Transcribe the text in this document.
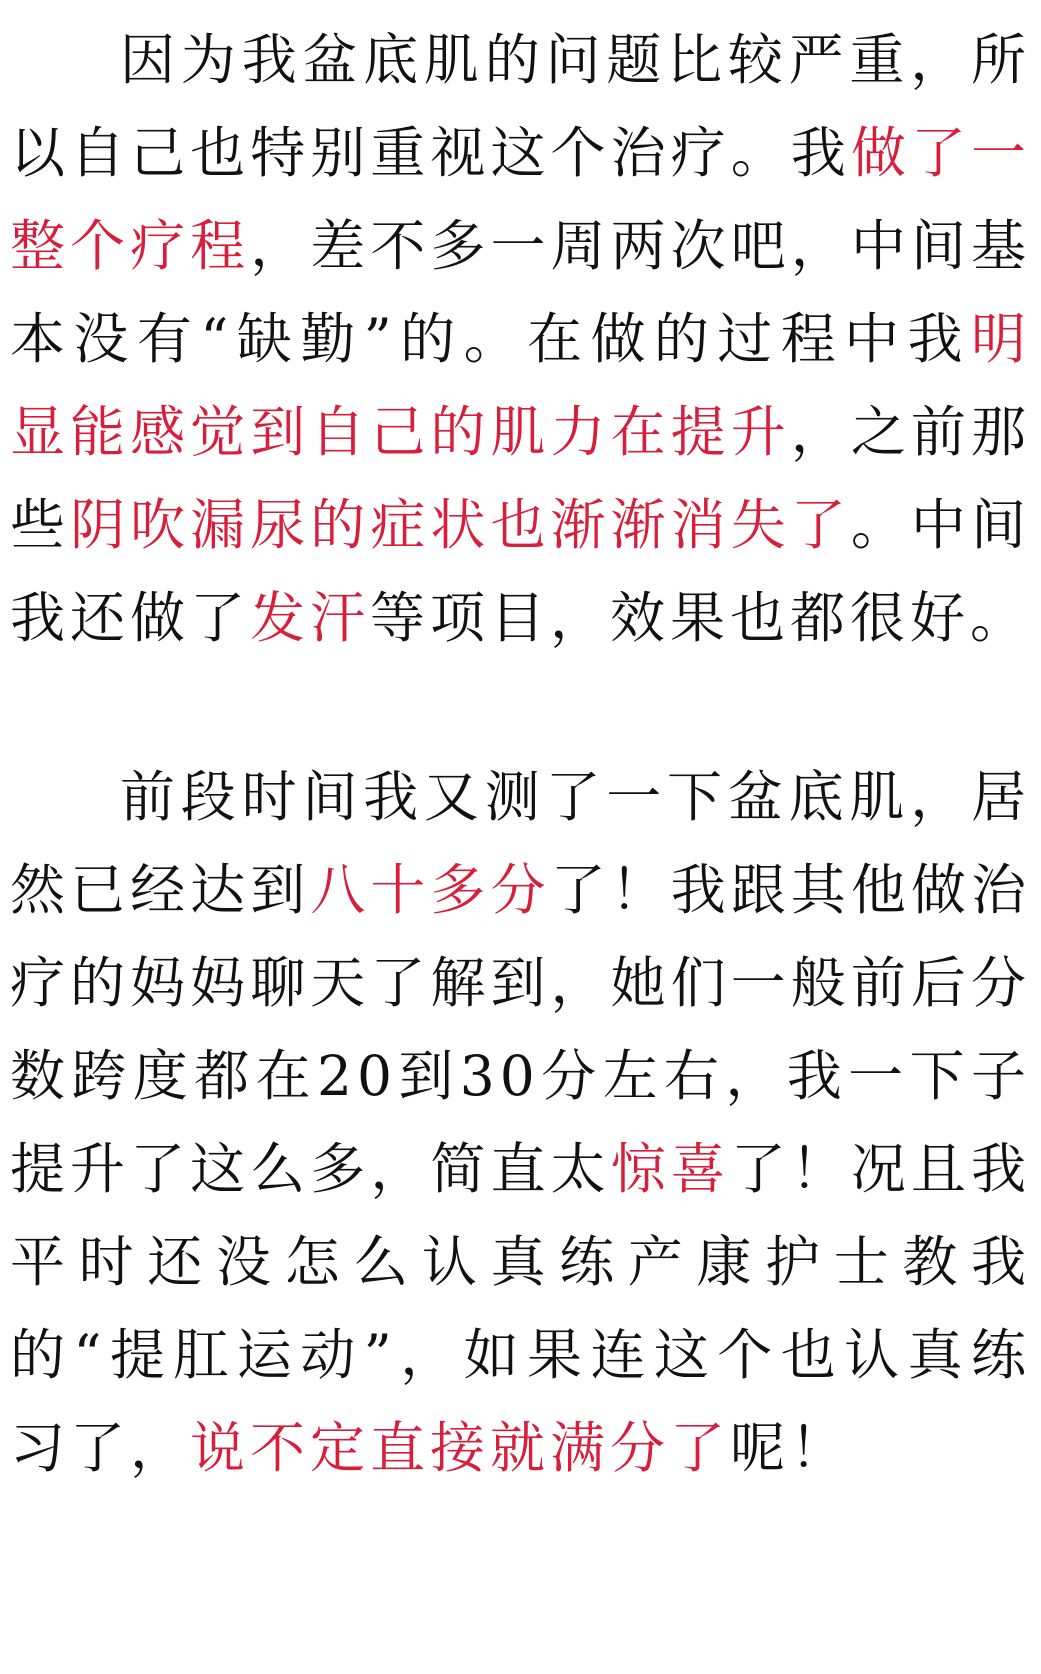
因为我盆底肌的问题比较严重，所以自己也特别重视这个治疗。我做了一整个疗程，差不多一周两次吧，中间基本没有“缺勤”的。在做的过程中我明显能感觉到自己的肌力在提升，之前那些阴吹漏尿的症状也渐渐消失了。中间我还做了发汗等项目，效果也都很好。

前段时间我又测了一下盆底肌，居然已经达到八十多分了！我跟其他做治疗的妈妈聊天了解到，她们一般前后分数跨度都在20到30分左右，我一下子提升了这么多，简直太惊喜了！况且我平时还没怎么认真练产康护士教我的“提肛运动”，如果连这个也认真练习了，说不定直接就满分了呢！
